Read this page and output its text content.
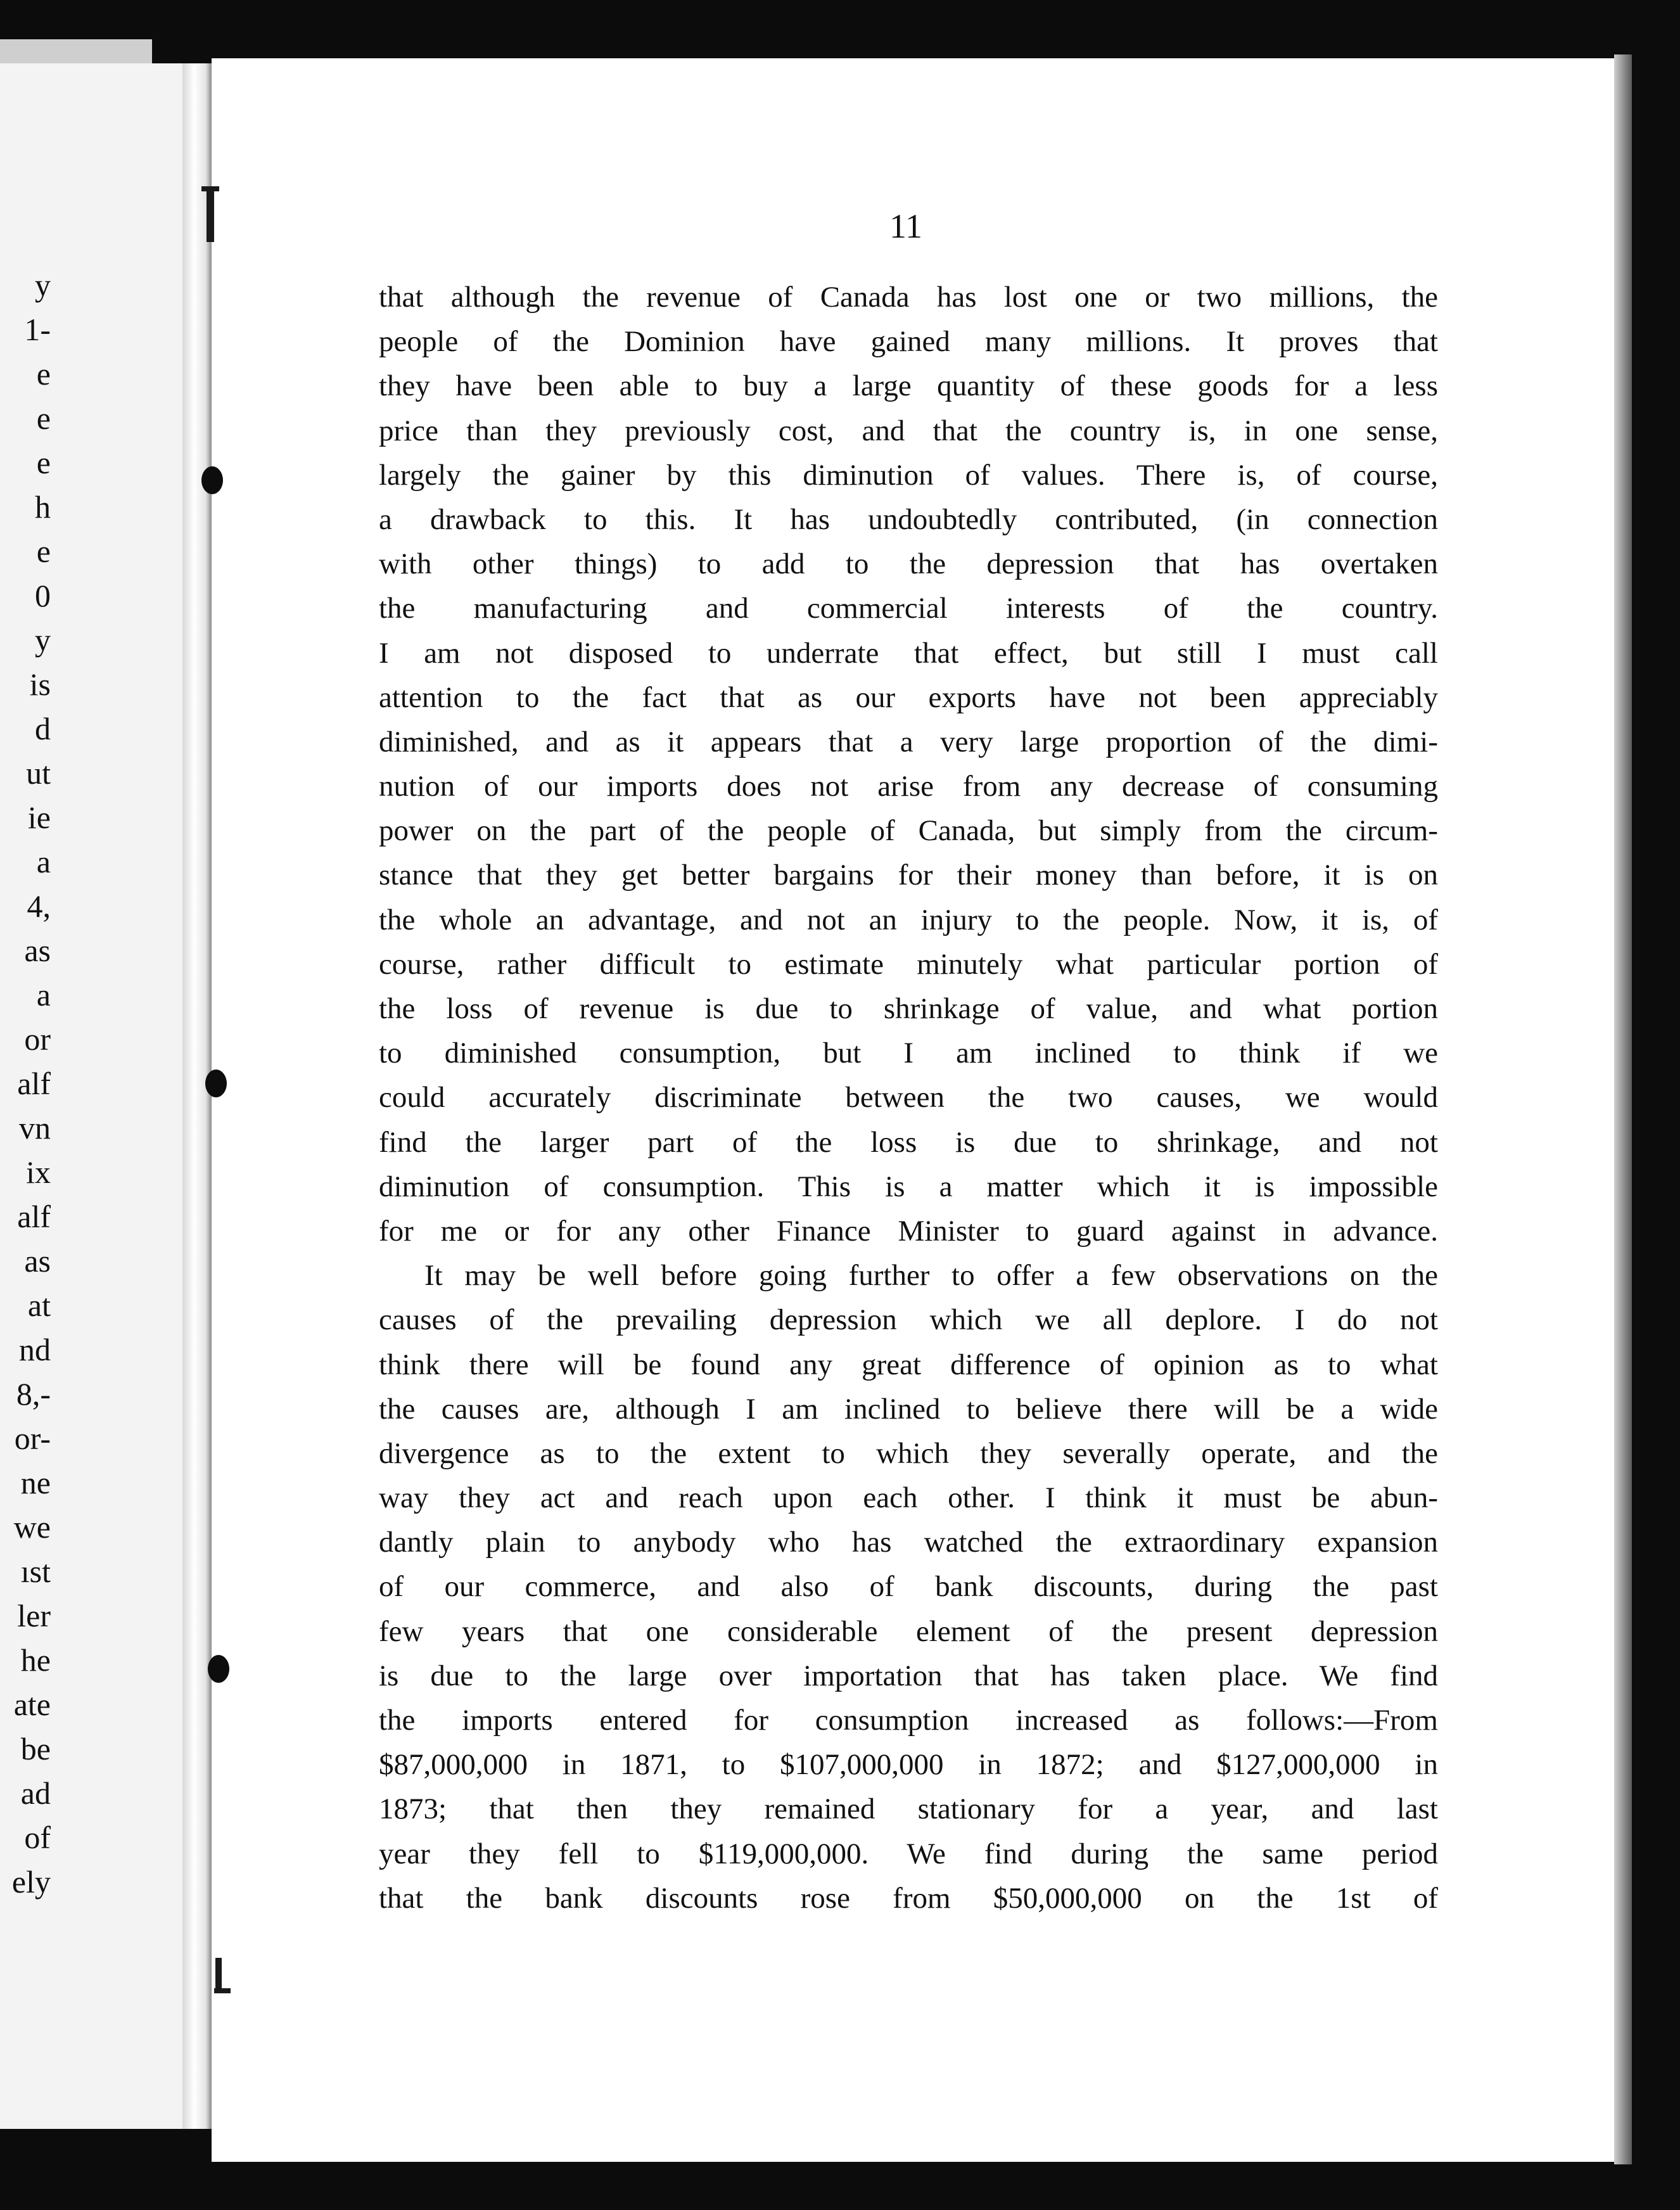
y
1-
e
e
e
h
e
0
y
is
d
ut
ie
a
4,
as
a
or
alf
vn
ix
alf
as
at
nd
8,-
or-
ne
we
ıst
ler
he
ate
be
ad
of
ely
11
that although the revenue of Canada has lost one or two millions, the
people of the Dominion have gained many millions. It proves that
they have been able to buy a large quantity of these goods for a less
price than they previously cost, and that the country is, in one sense,
largely the gainer by this diminution of values. There is, of course,
a drawback to this. It has undoubtedly contributed, (in connection
with other things) to add to the depression that has overtaken
the manufacturing and commercial interests of the country.
I am not disposed to underrate that effect, but still I must call
attention to the fact that as our exports have not been appreciably
diminished, and as it appears that a very large proportion of the dimi-
nution of our imports does not arise from any decrease of consuming
power on the part of the people of Canada, but simply from the circum-
stance that they get better bargains for their money than before, it is on
the whole an advantage, and not an injury to the people. Now, it is, of
course, rather difficult to estimate minutely what particular portion of
the loss of revenue is due to shrinkage of value, and what portion
to diminished consumption, but I am inclined to think if we
could accurately discriminate between the two causes, we would
find the larger part of the loss is due to shrinkage, and not
diminution of consumption. This is a matter which it is impossible
for me or for any other Finance Minister to guard against in advance.
It may be well before going further to offer a few observations on the
causes of the prevailing depression which we all deplore. I do not
think there will be found any great difference of opinion as to what
the causes are, although I am inclined to believe there will be a wide
divergence as to the extent to which they severally operate, and the
way they act and reach upon each other. I think it must be abun-
dantly plain to anybody who has watched the extraordinary expansion
of our commerce, and also of bank discounts, during the past
few years that one considerable element of the present depression
is due to the large over importation that has taken place. We find
the imports entered for consumption increased as follows:—From
$87,000,000 in 1871, to $107,000,000 in 1872; and $127,000,000 in
1873; that then they remained stationary for a year, and last
year they fell to $119,000,000. We find during the same period
that the bank discounts rose from $50,000,000 on the 1st of
